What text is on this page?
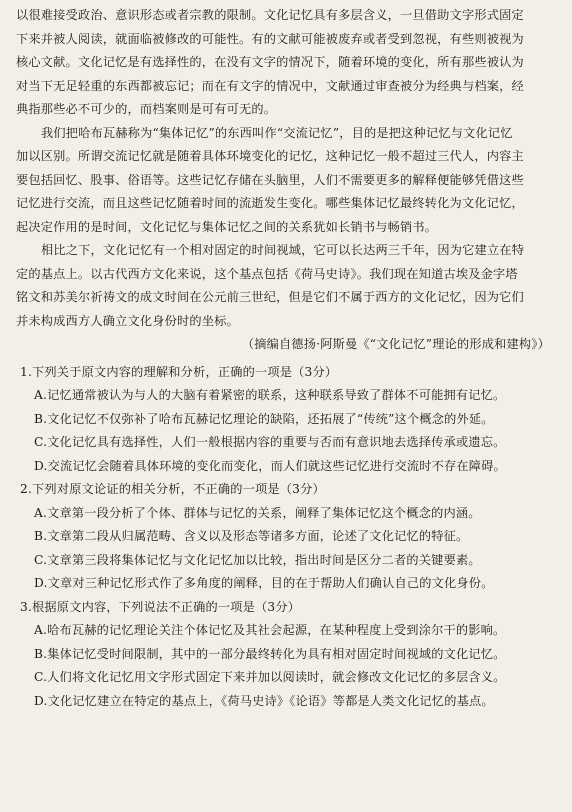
以很难接受政治、意识形态或者宗教的限制。文化记忆具有多层含义，一旦借助文字形式固定
下来并被人阅读，就面临被修改的可能性。有的文献可能被废弃或者受到忽视，有些则被视为
核心文献。文化记忆是有选择性的，在没有文字的情况下，随着环境的变化，所有那些被认为
对当下无足轻重的东西都被忘记；而在有文字的情况中，文献通过审查被分为经典与档案，经
典指那些必不可少的，而档案则是可有可无的。
我们把哈布瓦赫称为“集体记忆”的东西叫作“交流记忆”，目的是把这种记忆与文化记忆
加以区别。所谓交流记忆就是随着具体环境变化的记忆，这种记忆一般不超过三代人，内容主
要包括回忆、股事、俗语等。这些记忆存储在头脑里，人们不需要更多的解释便能够凭借这些
记忆进行交流，而且这些记忆随着时间的流逝发生变化。哪些集体记忆最终转化为文化记忆，
起决定作用的是时间，文化记忆与集体记忆之间的关系犹如长销书与畅销书。
相比之下，文化记忆有一个相对固定的时间视域，它可以长达两三千年，因为它建立在特
定的基点上。以古代西方文化来说，这个基点包括《荷马史诗》。我们现在知道古埃及金字塔
铭文和苏美尔祈祷文的成文时间在公元前三世纪，但是它们不属于西方的文化记忆，因为它们
并未构成西方人确立文化身份时的坐标。
（摘编自德扬·阿斯曼《“文化记忆”理论的形成和建构》）
1.下列关于原文内容的理解和分析，正确的一项是（3分）
A.记忆通常被认为与人的大脑有着紧密的联系，这种联系导致了群体不可能拥有记忆。
B.文化记忆不仅弥补了哈布瓦赫记忆理论的缺陷，还拓展了“传统”这个概念的外延。
C.文化记忆具有选择性，人们一般根据内容的重要与否而有意识地去选择传承或遗忘。
D.交流记忆会随着具体环境的变化而变化，而人们就这些记忆进行交流时不存在障碍。
2.下列对原文论证的相关分析，不正确的一项是（3分）
A.文章第一段分析了个体、群体与记忆的关系，阐释了集体记忆这个概念的内涵。
B.文章第二段从归属范畴、含义以及形态等诸多方面，论述了文化记忆的特征。
C.文章第三段将集体记忆与文化记忆加以比较，指出时间是区分二者的关键要素。
D.文章对三种记忆形式作了多角度的阐释，目的在于帮助人们确认自己的文化身份。
3.根据原文内容，下列说法不正确的一项是（3分）
A.哈布瓦赫的记忆理论关注个体记忆及其社会起源，在某种程度上受到涂尔干的影响。
B.集体记忆受时间限制，其中的一部分最终转化为具有相对固定时间视域的文化记忆。
C.人们将文化记忆用文字形式固定下来并加以阅读时，就会修改文化记忆的多层含义。
D.文化记忆建立在特定的基点上，《荷马史诗》《论语》等都是人类文化记忆的基点。
